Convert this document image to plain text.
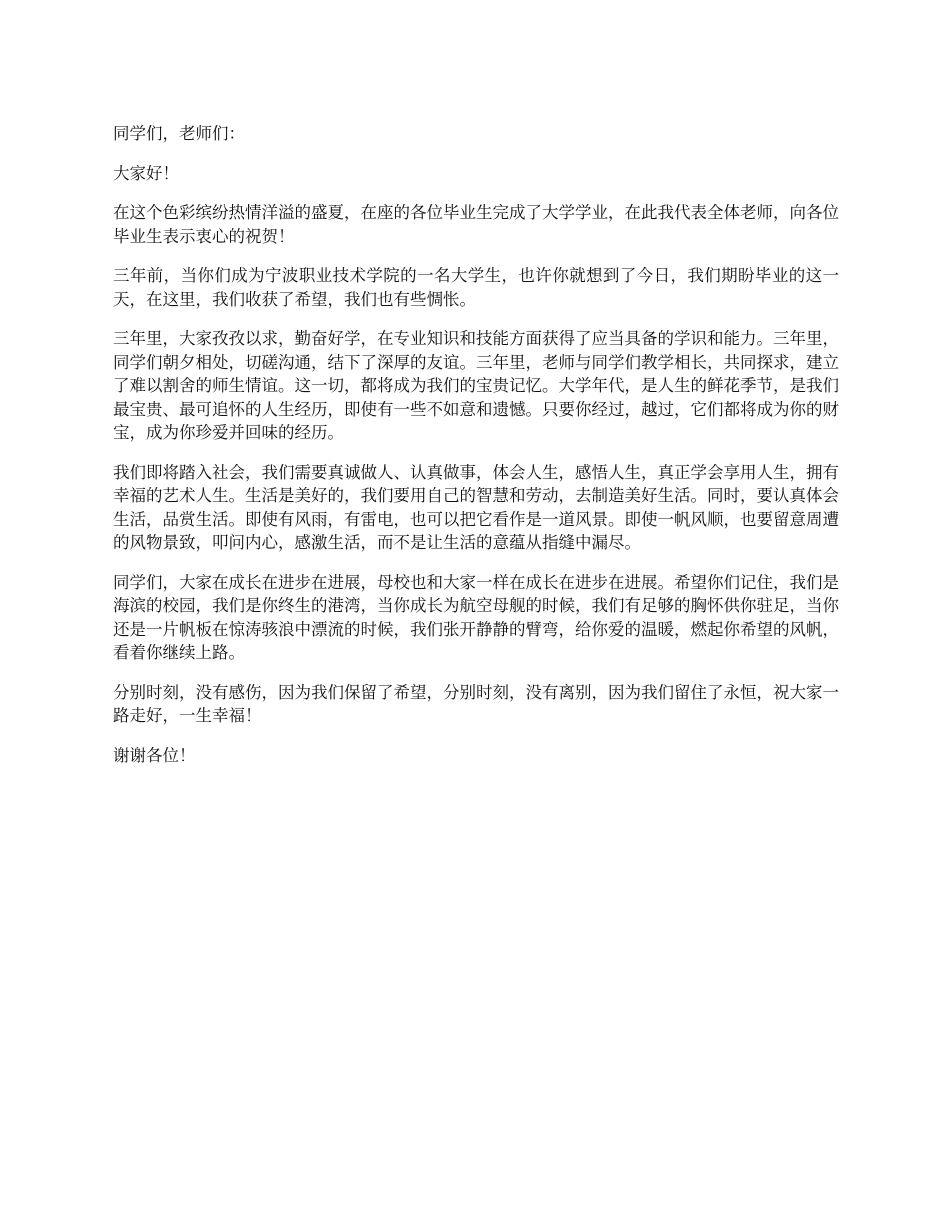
同学们，老师们：

大家好！

在这个色彩缤纷热情洋溢的盛夏，在座的各位毕业生完成了大学学业，在此我代表全体老师，向各位毕业生表示衷心的祝贺！

三年前，当你们成为宁波职业技术学院的一名大学生，也许你就想到了今日，我们期盼毕业的这一天，在这里，我们收获了希望，我们也有些惆怅。

三年里，大家孜孜以求，勤奋好学，在专业知识和技能方面获得了应当具备的学识和能力。三年里，同学们朝夕相处，切磋沟通，结下了深厚的友谊。三年里，老师与同学们教学相长，共同探求，建立了难以割舍的师生情谊。这一切，都将成为我们的宝贵记忆。大学年代，是人生的鲜花季节，是我们最宝贵、最可追怀的人生经历，即使有一些不如意和遗憾。只要你经过，越过，它们都将成为你的财宝，成为你珍爱并回味的经历。

我们即将踏入社会，我们需要真诚做人、认真做事，体会人生，感悟人生，真正学会享用人生，拥有幸福的艺术人生。生活是美好的，我们要用自己的智慧和劳动，去制造美好生活。同时，要认真体会生活，品赏生活。即使有风雨，有雷电，也可以把它看作是一道风景。即使一帆风顺，也要留意周遭的风物景致，叩问内心，感激生活，而不是让生活的意蕴从指缝中漏尽。

同学们，大家在成长在进步在进展，母校也和大家一样在成长在进步在进展。希望你们记住，我们是海滨的校园，我们是你终生的港湾，当你成长为航空母舰的时候，我们有足够的胸怀供你驻足，当你还是一片帆板在惊涛骇浪中漂流的时候，我们张开静静的臂弯，给你爱的温暖，燃起你希望的风帆，看着你继续上路。

分别时刻，没有感伤，因为我们保留了希望，分别时刻，没有离别，因为我们留住了永恒，祝大家一路走好，一生幸福！

谢谢各位！
